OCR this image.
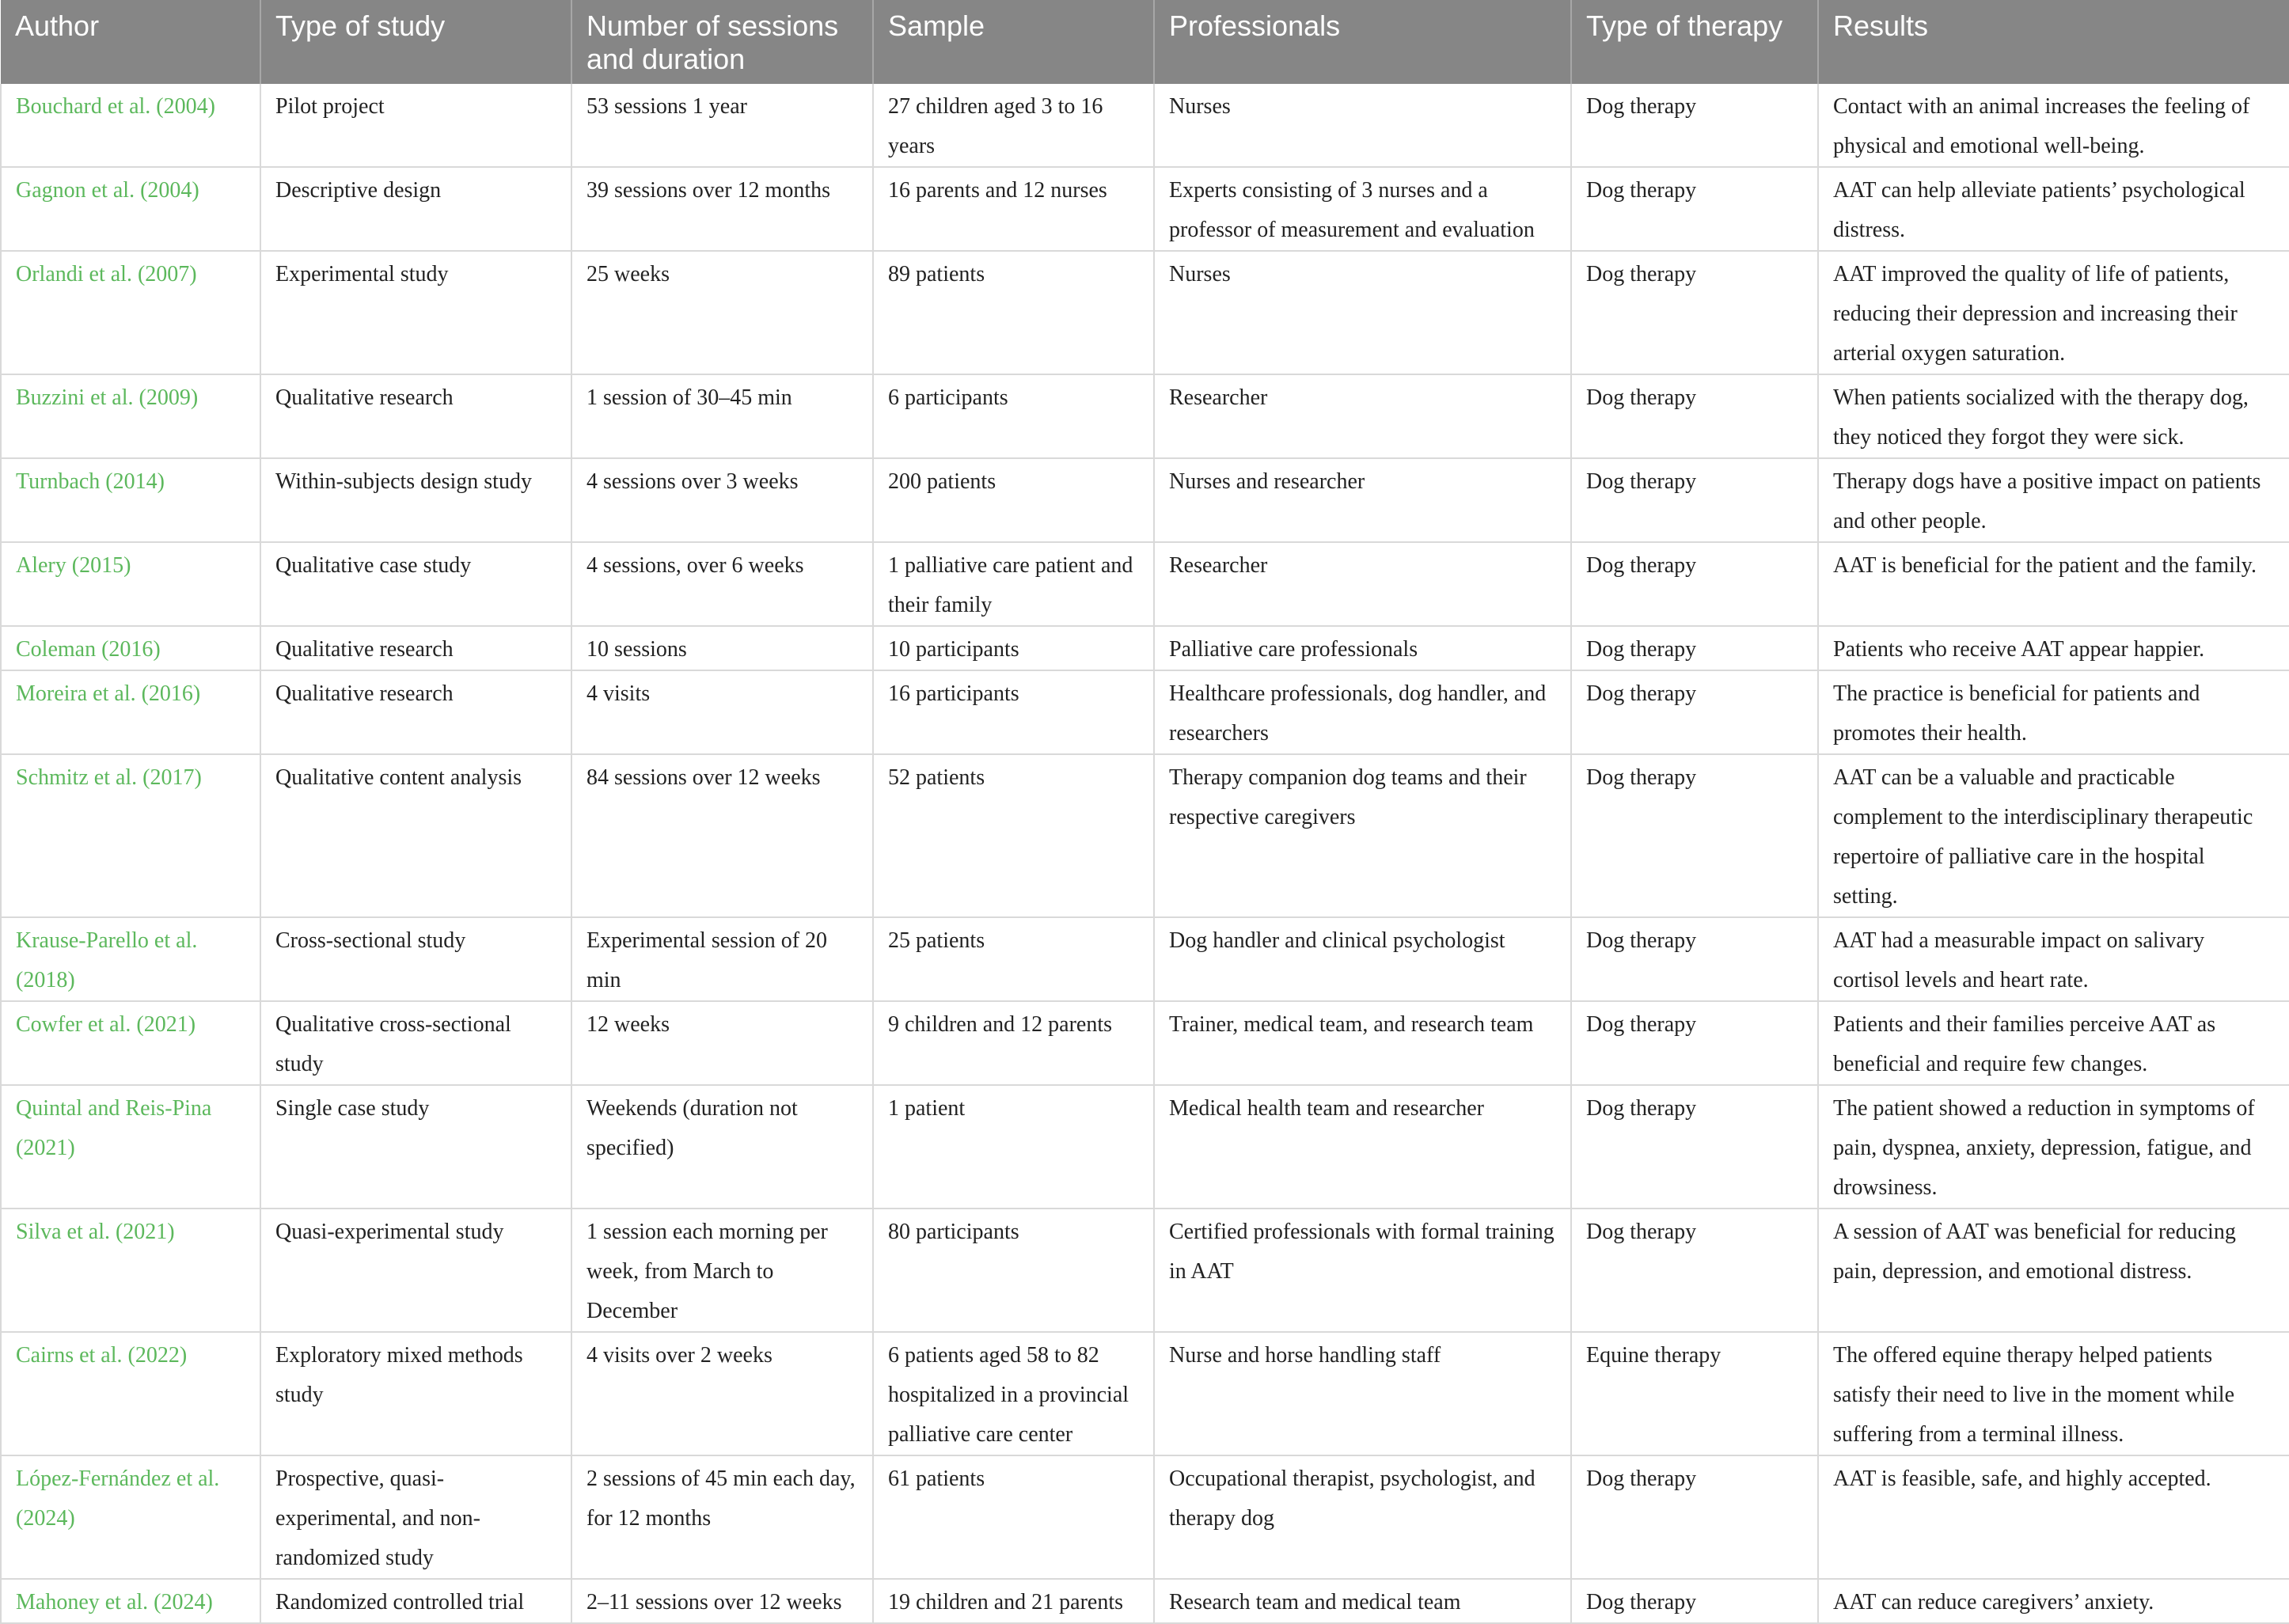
Author	Type of study	Number of sessions and duration	Sample	Professionals	Type of therapy	Results
Bouchard et al. (2004)	Pilot project	53 sessions 1 year	27 children aged 3 to 16 years	Nurses	Dog therapy	Contact with an animal increases the feeling of physical and emotional well-being.
Gagnon et al. (2004)	Descriptive design	39 sessions over 12 months	16 parents and 12 nurses	Experts consisting of 3 nurses and a professor of measurement and evaluation	Dog therapy	AAT can help alleviate patients’ psychological distress.
Orlandi et al. (2007)	Experimental study	25 weeks	89 patients	Nurses	Dog therapy	AAT improved the quality of life of patients, reducing their depression and increasing their arterial oxygen saturation.
Buzzini et al. (2009)	Qualitative research	1 session of 30–45 min	6 participants	Researcher	Dog therapy	When patients socialized with the therapy dog, they noticed they forgot they were sick.
Turnbach (2014)	Within-subjects design study	4 sessions over 3 weeks	200 patients	Nurses and researcher	Dog therapy	Therapy dogs have a positive impact on patients and other people.
Alery (2015)	Qualitative case study	4 sessions, over 6 weeks	1 palliative care patient and their family	Researcher	Dog therapy	AAT is beneficial for the patient and the family.
Coleman (2016)	Qualitative research	10 sessions	10 participants	Palliative care professionals	Dog therapy	Patients who receive AAT appear happier.
Moreira et al. (2016)	Qualitative research	4 visits	16 participants	Healthcare professionals, dog handler, and researchers	Dog therapy	The practice is beneficial for patients and promotes their health.
Schmitz et al. (2017)	Qualitative content analysis	84 sessions over 12 weeks	52 patients	Therapy companion dog teams and their respective caregivers	Dog therapy	AAT can be a valuable and practicable complement to the interdisciplinary therapeutic repertoire of palliative care in the hospital setting.
Krause-Parello et al. (2018)	Cross-sectional study	Experimental session of 20 min	25 patients	Dog handler and clinical psychologist	Dog therapy	AAT had a measurable impact on salivary cortisol levels and heart rate.
Cowfer et al. (2021)	Qualitative cross-sectional study	12 weeks	9 children and 12 parents	Trainer, medical team, and research team	Dog therapy	Patients and their families perceive AAT as beneficial and require few changes.
Quintal and Reis-Pina (2021)	Single case study	Weekends (duration not specified)	1 patient	Medical health team and researcher	Dog therapy	The patient showed a reduction in symptoms of pain, dyspnea, anxiety, depression, fatigue, and drowsiness.
Silva et al. (2021)	Quasi-experimental study	1 session each morning per week, from March to December	80 participants	Certified professionals with formal training in AAT	Dog therapy	A session of AAT was beneficial for reducing pain, depression, and emotional distress.
Cairns et al. (2022)	Exploratory mixed methods study	4 visits over 2 weeks	6 patients aged 58 to 82 hospitalized in a provincial palliative care center	Nurse and horse handling staff	Equine therapy	The offered equine therapy helped patients satisfy their need to live in the moment while suffering from a terminal illness.
López-Fernández et al. (2024)	Prospective, quasi-experimental, and non-randomized study	2 sessions of 45 min each day, for 12 months	61 patients	Occupational therapist, psychologist, and therapy dog	Dog therapy	AAT is feasible, safe, and highly accepted.
Mahoney et al. (2024)	Randomized controlled trial	2–11 sessions over 12 weeks	19 children and 21 parents	Research team and medical team	Dog therapy	AAT can reduce caregivers’ anxiety.
